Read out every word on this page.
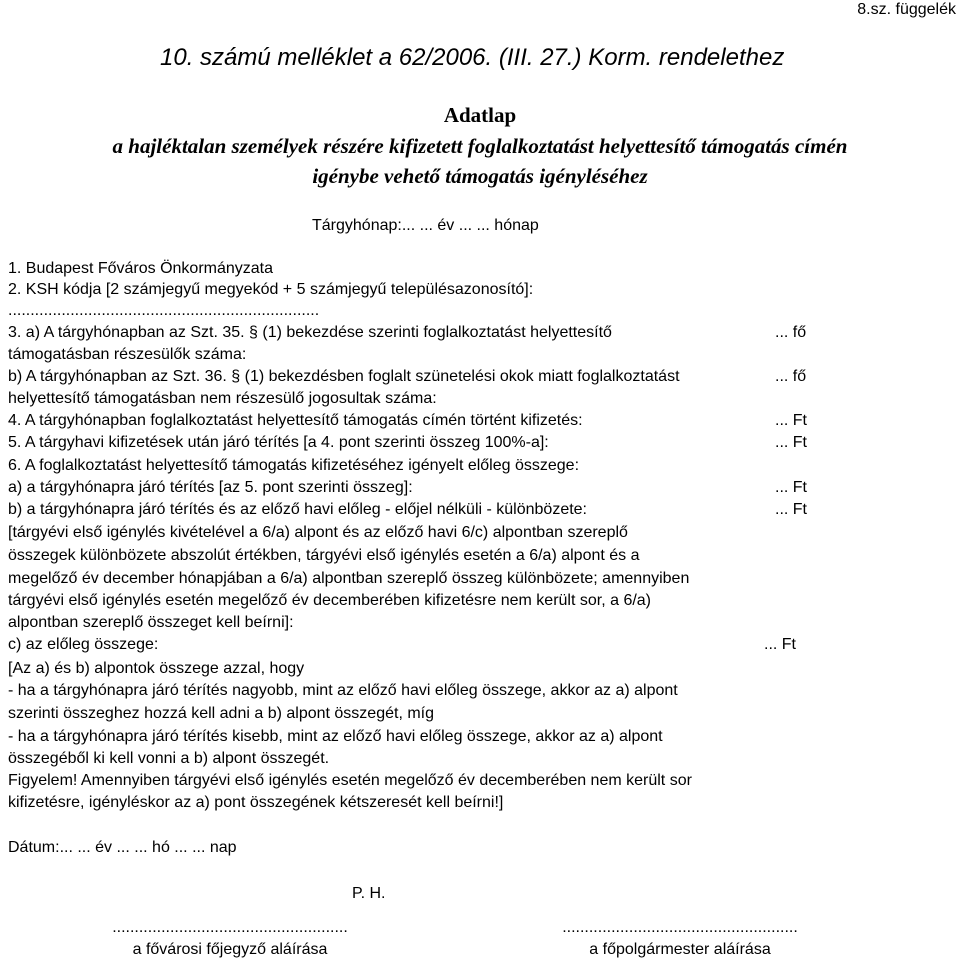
8.sz. függelék
10. számú melléklet a 62/2006. (III. 27.) Korm. rendelethez
Adatlap
a hajléktalan személyek részére kifizetett foglalkoztatást helyettesítő támogatás címén
igénybe vehető támogatás igényléséhez
Tárgyhónap:... ... év ... ... hónap
1. Budapest Főváros Önkormányzata
2. KSH kódja [2 számjegyű megyekód + 5 számjegyű településazonosító]:
......................................................................
3. a) A tárgyhónapban az Szt. 35. § (1) bekezdése szerinti foglalkoztatást helyettesítő
támogatásban részesülők száma:
... fő
b) A tárgyhónapban az Szt. 36. § (1) bekezdésben foglalt szünetelési okok miatt foglalkoztatást
helyettesítő támogatásban nem részesülő jogosultak száma:
... fő
4. A tárgyhónapban foglalkoztatást helyettesítő támogatás címén történt kifizetés:	... Ft
5. A tárgyhavi kifizetések után járó térítés [a 4. pont szerinti összeg 100%-a]:	... Ft
6. A foglalkoztatást helyettesítő támogatás kifizetéséhez igényelt előleg összege:
a) a tárgyhónapra járó térítés [az 5. pont szerinti összeg]:	... Ft
b) a tárgyhónapra járó térítés és az előző havi előleg - előjel nélküli - különbözete:	... Ft
[tárgyévi első igénylés kivételével a 6/a) alpont és az előző havi 6/c) alpontban szereplő
összegek különbözete abszolút értékben, tárgyévi első igénylés esetén a 6/a) alpont és a
megelőző év december hónapjában a 6/a) alpontban szereplő összeg különbözete; amennyiben
tárgyévi első igénylés esetén megelőző év decemberében kifizetésre nem került sor, a 6/a)
alpontban szereplő összeget kell beírni]:
c) az előleg összege:	... Ft
[Az a) és b) alpontok összege azzal, hogy
- ha a tárgyhónapra járó térítés nagyobb, mint az előző havi előleg összege, akkor az a) alpont
szerinti összeghez hozzá kell adni a b) alpont összegét, míg
- ha a tárgyhónapra járó térítés kisebb, mint az előző havi előleg összege, akkor az a) alpont
összegéből ki kell vonni a b) alpont összegét.
Figyelem! Amennyiben tárgyévi első igénylés esetén megelőző év decemberében nem került sor
kifizetésre, igényléskor az a) pont összegének kétszeresét kell beírni!]
Dátum:... ... év ... ... hó ... ... nap
P. H.
.....................................................
a fővárosi főjegyző aláírása
.....................................................
a főpolgármester aláírása
